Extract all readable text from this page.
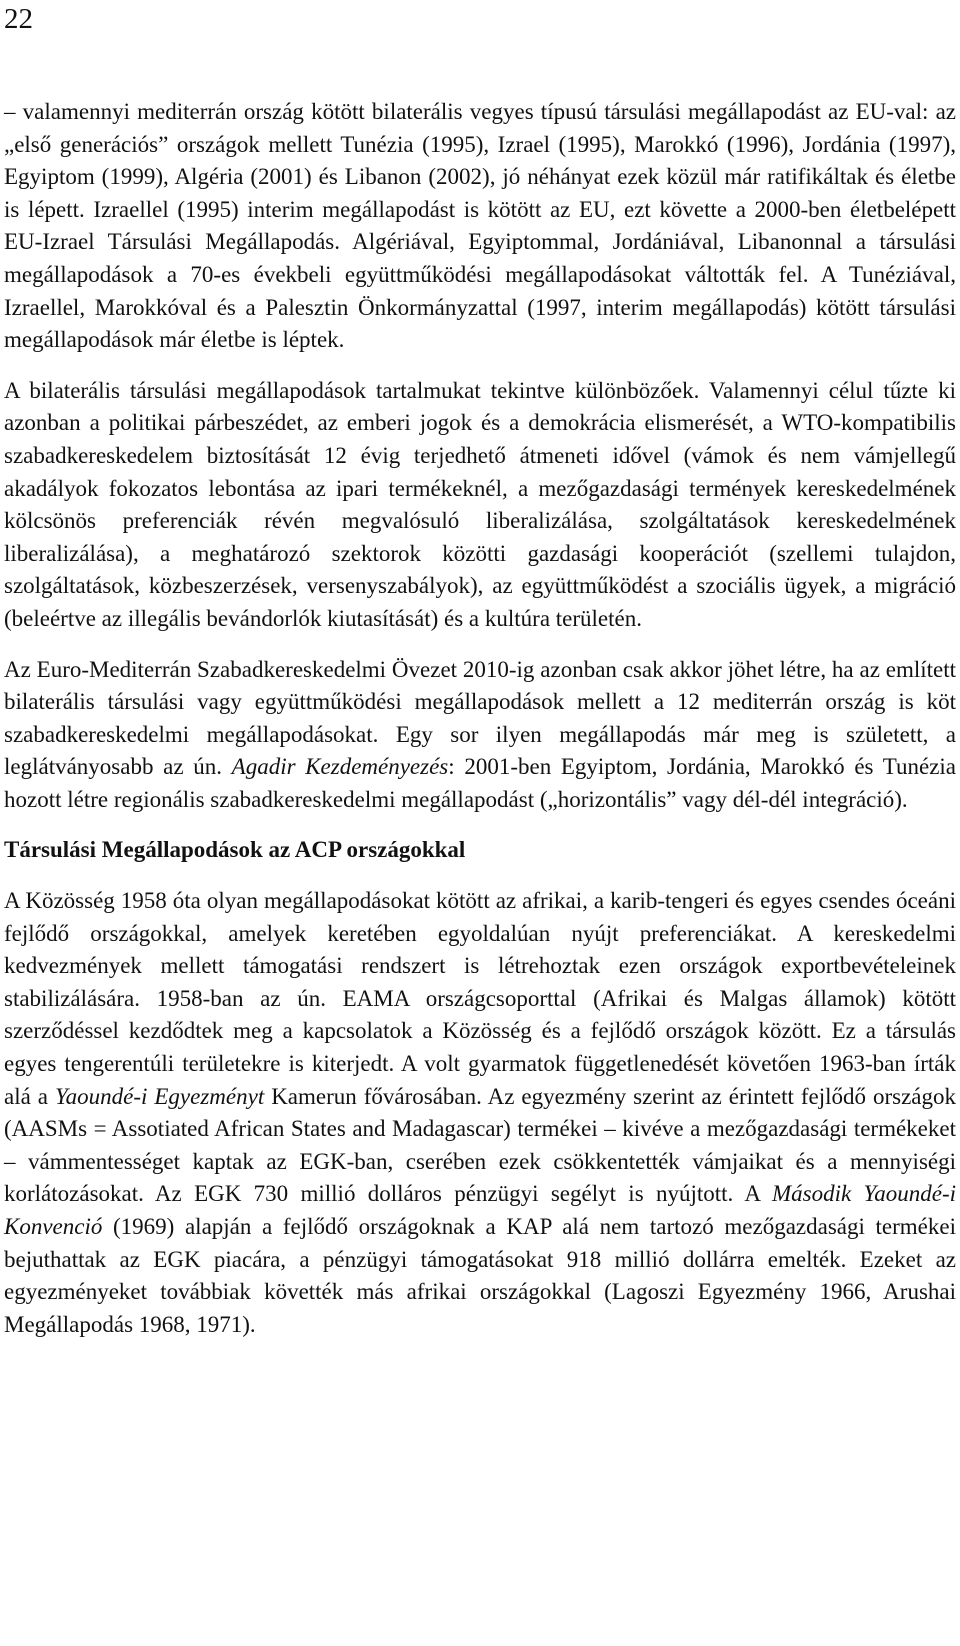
22

– valamennyi mediterrán ország kötött bilaterális vegyes típusú társulási megállapodást az EU-val: az „első generációs” országok mellett Tunézia (1995), Izrael (1995), Marokkó (1996), Jordánia (1997), Egyiptom (1999), Algéria (2001) és Libanon (2002), jó néhányat ezek közül már ratifikáltak és életbe is lépett. Izraellel (1995) interim megállapodást is kötött az EU, ezt követte a 2000-ben életbelépett EU-Izrael Társulási Megállapodás. Algériával, Egyiptommal, Jordániával, Libanonnal a társulási megállapodások a 70-es évekbeli együttműködési megállapodásokat váltották fel. A Tunéziával, Izraellel, Marokkóval és a Palesztin Önkormányzattal (1997, interim megállapodás) kötött társulási megállapodások már életbe is léptek.

A bilaterális társulási megállapodások tartalmukat tekintve különbözőek. Valamennyi célul tűzte ki azonban a politikai párbeszédet, az emberi jogok és a demokrácia elismerését, a WTO-kompatibilis szabadkereskedelem biztosítását 12 évig terjedhető átmeneti idővel (vámok és nem vámjellegű akadályok fokozatos lebontása az ipari termékeknél, a mezőgazdasági termények kereskedelmének kölcsönös preferenciák révén megvalósuló liberalizálása, szolgáltatások kereskedelmének liberalizálása), a meghatározó szektorok közötti gazdasági kooperációt (szellemi tulajdon, szolgáltatások, közbeszerzések, versenyszabályok), az együttműködést a szociális ügyek, a migráció (beleértve az illegális bevándorlók kiutasítását) és a kultúra területén.

Az Euro-Mediterrán Szabadkereskedelmi Övezet 2010-ig azonban csak akkor jöhet létre, ha az említett bilaterális társulási vagy együttműködési megállapodások mellett a 12 mediterrán ország is köt szabadkereskedelmi megállapodásokat. Egy sor ilyen megállapodás már meg is született, a leglátványosabb az ún. Agadir Kezdeményezés: 2001-ben Egyiptom, Jordánia, Marokkó és Tunézia hozott létre regionális szabadkereskedelmi megállapodást („horizontális” vagy dél-dél integráció).

Társulási Megállapodások az ACP országokkal

A Közösség 1958 óta olyan megállapodásokat kötött az afrikai, a karib-tengeri és egyes csendes óceáni fejlődő országokkal, amelyek keretében egyoldalúan nyújt preferenciákat. A kereskedelmi kedvezmények mellett támogatási rendszert is létrehoztak ezen országok exportbevételeinek stabilizálására. 1958-ban az ún. EAMA országcsoporttal (Afrikai és Malgas államok) kötött szerződéssel kezdődtek meg a kapcsolatok a Közösség és a fejlődő országok között. Ez a társulás egyes tengerentúli területekre is kiterjedt. A volt gyarmatok függetlenedését követően 1963-ban írták alá a Yaoundé-i Egyezményt Kamerun fővárosában. Az egyezmény szerint az érintett fejlődő országok (AASMs = Assotiated African States and Madagascar) termékei – kivéve a mezőgazdasági termékeket – vámmentességet kaptak az EGK-ban, cserében ezek csökkentették vámjaikat és a mennyiségi korlátozásokat. Az EGK 730 millió dolláros pénzügyi segélyt is nyújtott. A Második Yaoundé-i Konvenció (1969) alapján a fejlődő országoknak a KAP alá nem tartozó mezőgazdasági termékei bejuthattak az EGK piacára, a pénzügyi támogatásokat 918 millió dollárra emelték. Ezeket az egyezményeket továbbiak követték más afrikai országokkal (Lagoszi Egyezmény 1966, Arushai Megállapodás 1968, 1971).
